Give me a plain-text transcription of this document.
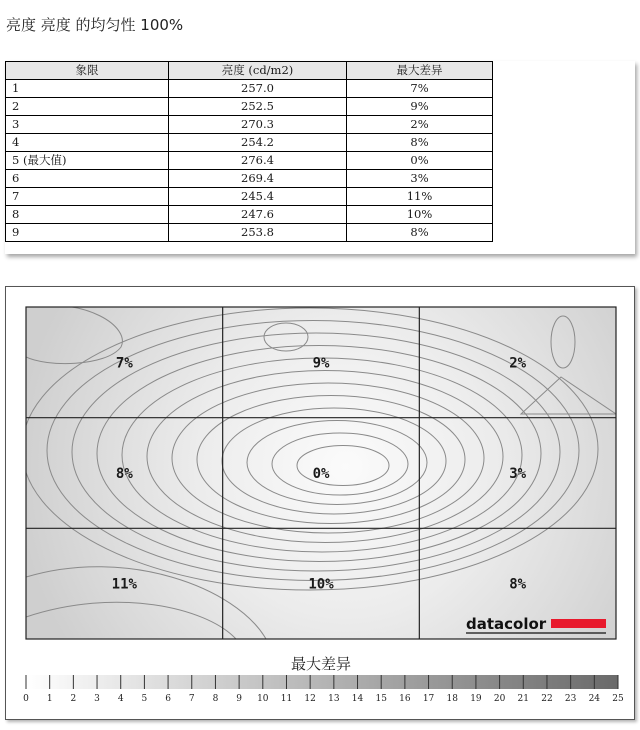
亮度 亮度 的均匀性 100%
象限	亮度 (cd/m2)	最大差异
1	257.0	7%
2	252.5	9%
3	270.3	2%
4	254.2	8%
5 (最大值)	276.4	0%
6	269.4	3%
7	245.4	11%
8	247.6	10%
9	253.8	8%
7%	9%	2%
8%	0%	3%
11%	10%	8%
datacolor
0 1 2 3 4 5 6 7 8 9 10 11 12 13 14 15 16 17 18 19 20 21 22 23 24 25
最大差异
